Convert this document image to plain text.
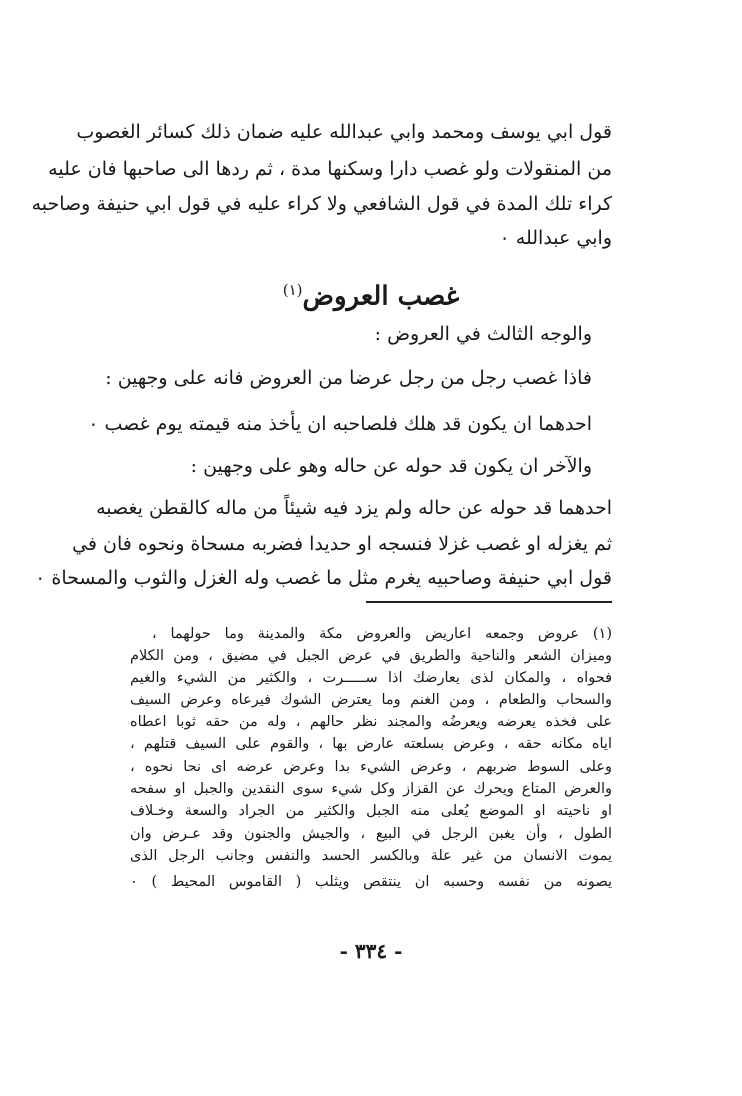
قول ابي يوسف ومحمد وابي عبدالله عليه ضمان ذلك كسائر الغصوب
من المنقولات ولو غصب دارا وسكنها مدة ، ثم ردها الى صاحبها فان عليه
كراء تلك المدة في قول الشافعي ولا كراء عليه في قول ابي حنيفة وصاحبه
وابي عبدالله ٠
غصب العروض$^{(١)}$
والوجه الثالث في العروض :
فاذا غصب رجل من رجل عرضا من العروض فانه على وجهين :
احدهما ان يكون قد هلك فلصاحبه ان يأخذ منه قيمته يوم غصب ٠
والآخر ان يكون قد حوله عن حاله وهو على وجهين :
احدهما قد حوله عن حاله ولم يزد فيه شيئاً من ماله كالقطن يغصبه
ثم يغزله او غصب غزلا فنسجه او حديدا فضربه مسحاة ونحوه فان في
قول ابي حنيفة وصاحبيه يغرم مثل ما غصب وله الغزل والثوب والمسحاة ٠
(١) عروض وجمعه اعاريض والعروض مكة والمدينة وما حولهما ،
وميزان الشعر والناحية والطريق في عرض الجبل في مضيق ، ومن الكلام
فحواه ، والمكان لذى يعارضك اذا ســـــرت ، والكثير من الشيء والغيم
والسحاب والطعام ، ومن الغنم وما يعترض الشوك فيرعاه وعرض السيف
على فخذه يعرضه ويعرضُه والمجند نظر حالهم ، وله من حقه ثوبا اعطاه
اياه مكانه حقه ، وعرض بسلعته عارض بها ، والقوم على السيف قتلهم ،
وعلى السوط ضربهم ، وعرض الشيء بدا وعرض عرضه اى نحا نحوه ،
والعرض المتاع ويحرك عن القزاز وكل شيء سوى النقدين والجبل او سفحه
او ناحيته او الموضع يُعلى منه الجبل والكثير من الجراد والسعة وخـلاف
الطول ، وأن يغبن الرجل في البيع ، والجيش والجنون وقد عـرض وان
يموت الانسان من غير علة وبالكسر الحسد والنفس وجانب الرجل الذى
يصونه من نفسه وحسبه ان ينتقص ويثلب ( القاموس المحيط ) ٠
- ٣٣٤ -
